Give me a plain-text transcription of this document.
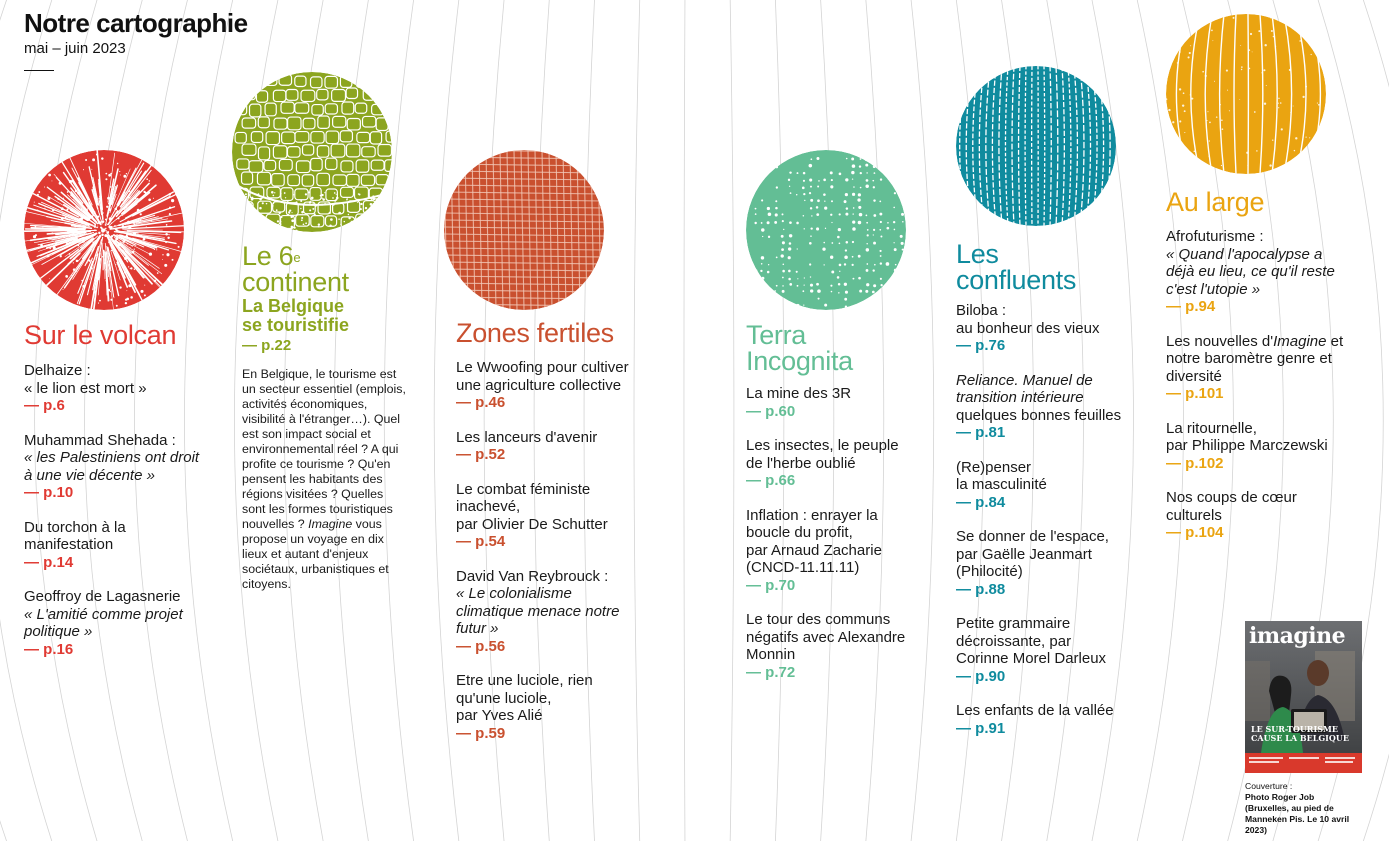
Notre cartographie
mai – juin 2023
Sur le volcan
Delhaize :
« le lion est mort »
— p.6
Muhammad Shehada :
« les Palestiniens ont droit à une vie décente »
— p.10
Du torchon à la
manifestation
— p.14
Geoffroy de Lagasnerie
« L'amitié comme projet politique »
— p.16
Le 6e
continent
La Belgique
se touristifie
— p.22
En Belgique, le tourisme est un secteur essentiel (emplois, activités économiques, visibilité à l'étranger…). Quel est son impact social et environnemental réel ? A qui profite ce tourisme ? Qu'en pensent les habitants des régions visitées ? Quelles sont les formes touristiques nouvelles ? Imagine vous propose un voyage en dix lieux et autant d'enjeux sociétaux, urbanistiques et citoyens.
Zones fertiles
Le Wwoofing pour cultiver une agriculture collective
— p.46
Les lanceurs d'avenir
— p.52
Le combat féministe inachevé,
par Olivier De Schutter
— p.54
David Van Reybrouck :
« Le colonialisme climatique menace notre futur »
— p.56
Etre une luciole, rien qu'une luciole,
par Yves Alié
— p.59
Terra
Incognita
La mine des 3R
— p.60
Les insectes, le peuple de l'herbe oublié
— p.66
Inflation : enrayer la boucle du profit,
par Arnaud Zacharie (CNCD-11.11.11)
— p.70
Le tour des communs négatifs avec Alexandre Monnin
— p.72
Les
confluents
Biloba :
au bonheur des vieux
— p.76
Reliance. Manuel de transition intérieure quelques bonnes feuilles
— p.81
(Re)penser
la masculinité
— p.84
Se donner de l'espace,
par Gaëlle Jeanmart (Philocité)
— p.88
Petite grammaire décroissante, par
Corinne Morel Darleux
— p.90
Les enfants de la vallée
— p.91
Au large
Afrofuturisme :
« Quand l'apocalypse a déjà eu lieu, ce qu'il reste c'est l'utopie »
— p.94
Les nouvelles d'Imagine et notre baromètre genre et diversité
— p.101
La ritournelle,
par Philippe Marczewski
— p.102
Nos coups de cœur culturels
— p.104
imagine
LE SUR-TOURISME CAUSE LA BELGIQUE
Couverture :
Photo Roger Job (Bruxelles, au pied de Manneken Pis. Le 10 avril 2023)
